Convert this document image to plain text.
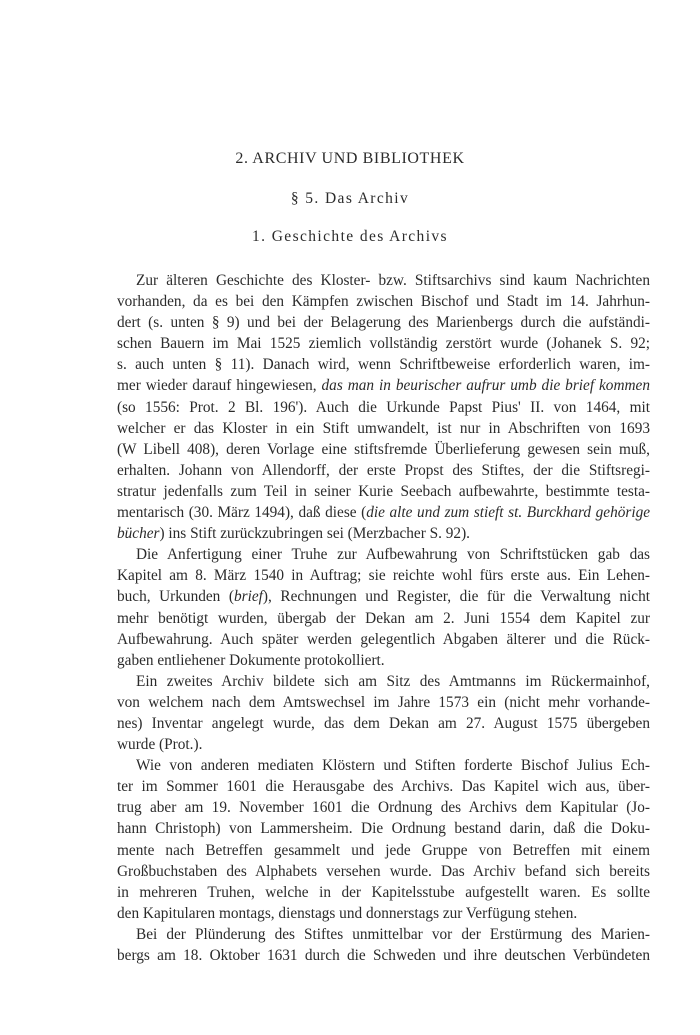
2. ARCHIV UND BIBLIOTHEK
§ 5. Das Archiv
1. Geschichte des Archivs
Zur älteren Geschichte des Kloster- bzw. Stiftsarchivs sind kaum Nachrichten
vorhanden, da es bei den Kämpfen zwischen Bischof und Stadt im 14. Jahrhun-
dert (s. unten § 9) und bei der Belagerung des Marienbergs durch die aufständi-
schen Bauern im Mai 1525 ziemlich vollständig zerstört wurde (Johanek S. 92;
s. auch unten § 11). Danach wird, wenn Schriftbeweise erforderlich waren, im-
mer wieder darauf hingewiesen, das man in beurischer aufrur umb die brief kommen
(so 1556: Prot. 2 Bl. 196'). Auch die Urkunde Papst Pius' II. von 1464, mit
welcher er das Kloster in ein Stift umwandelt, ist nur in Abschriften von 1693
(W Libell 408), deren Vorlage eine stiftsfremde Überlieferung gewesen sein muß,
erhalten. Johann von Allendorff, der erste Propst des Stiftes, der die Stiftsregi-
stratur jedenfalls zum Teil in seiner Kurie Seebach aufbewahrte, bestimmte testa-
mentarisch (30. März 1494), daß diese (die alte und zum stieft st. Burckhard gehörige
bücher) ins Stift zurückzubringen sei (Merzbacher S. 92).
Die Anfertigung einer Truhe zur Aufbewahrung von Schriftstücken gab das
Kapitel am 8. März 1540 in Auftrag; sie reichte wohl fürs erste aus. Ein Lehen-
buch, Urkunden (brief), Rechnungen und Register, die für die Verwaltung nicht
mehr benötigt wurden, übergab der Dekan am 2. Juni 1554 dem Kapitel zur
Aufbewahrung. Auch später werden gelegentlich Abgaben älterer und die Rück-
gaben entliehener Dokumente protokolliert.
Ein zweites Archiv bildete sich am Sitz des Amtmanns im Rückermainhof,
von welchem nach dem Amtswechsel im Jahre 1573 ein (nicht mehr vorhande-
nes) Inventar angelegt wurde, das dem Dekan am 27. August 1575 übergeben
wurde (Prot.).
Wie von anderen mediaten Klöstern und Stiften forderte Bischof Julius Ech-
ter im Sommer 1601 die Herausgabe des Archivs. Das Kapitel wich aus, über-
trug aber am 19. November 1601 die Ordnung des Archivs dem Kapitular (Jo-
hann Christoph) von Lammersheim. Die Ordnung bestand darin, daß die Doku-
mente nach Betreffen gesammelt und jede Gruppe von Betreffen mit einem
Großbuchstaben des Alphabets versehen wurde. Das Archiv befand sich bereits
in mehreren Truhen, welche in der Kapitelsstube aufgestellt waren. Es sollte
den Kapitularen montags, dienstags und donnerstags zur Verfügung stehen.
Bei der Plünderung des Stiftes unmittelbar vor der Erstürmung des Marien-
bergs am 18. Oktober 1631 durch die Schweden und ihre deutschen Verbündeten
